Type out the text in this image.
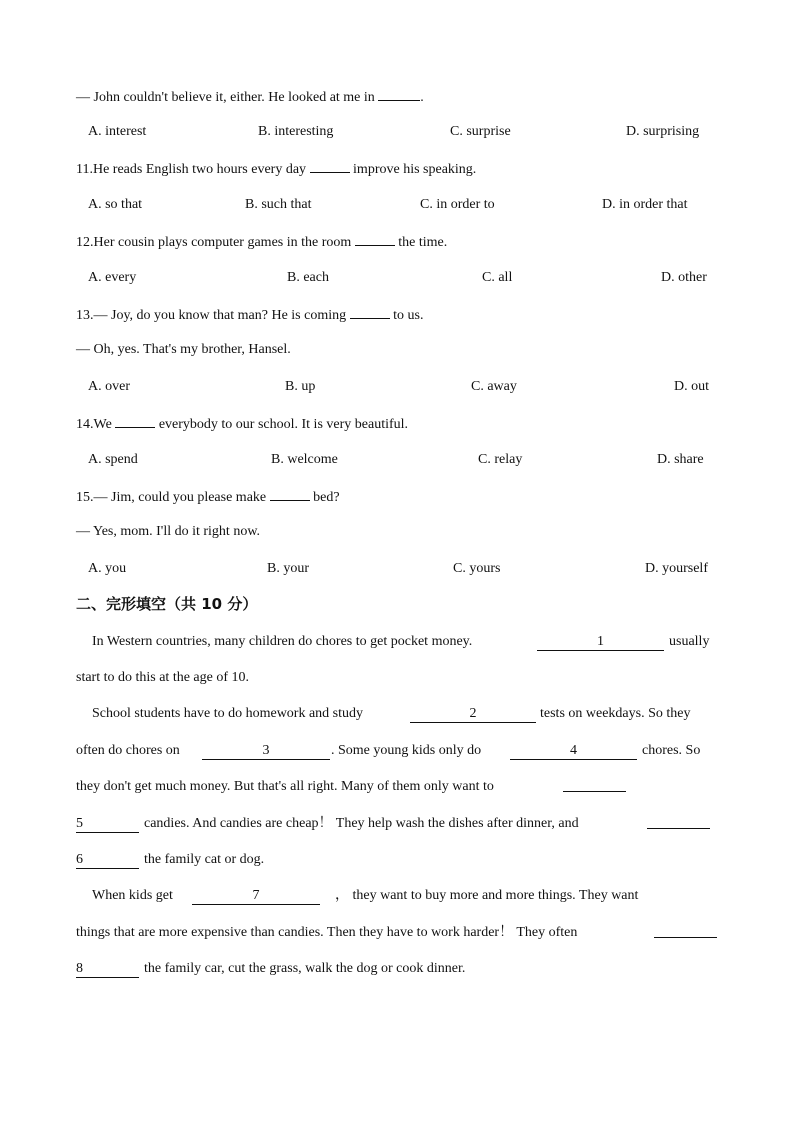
— John couldn't believe it, either. He looked at me in	.
A. interest	B. interesting	C. surprise	D. surprising
11.He reads English two hours every day	improve his speaking.
A. so that	B. such that	C. in order to	D. in order that
12.Her cousin plays computer games in the room	the time.
A. every	B. each	C. all	D. other
13.— Joy, do you know that man? He is coming	to us.
— Oh, yes. That's my brother, Hansel.
A. over	B. up	C. away	D. out
14.We	everybody to our school. It is very beautiful.
A. spend	B. welcome	C. relay	D. share
15.— Jim, could you please make	bed?
— Yes, mom. I'll do it right now.
A. you	B. your	C. yours	D. yourself
二、完形填空（共 10 分）
In Western countries, many children do chores to get pocket money.	1	usually
start to do this at the age of 10.
School students have to do homework and study	2	tests on weekdays. So they
often do chores on	3	. Some young kids only do	4	chores. So
they don't get much money. But that's all right. Many of them only want to
5	candies. And candies are cheap！ They help wash the dishes after dinner, and
6	the family cat or dog.
When kids get	7	， they want to buy more and more things. They want
things that are more expensive than candies. Then they have to work harder！ They often
8	the family car, cut the grass, walk the dog or cook dinner.
